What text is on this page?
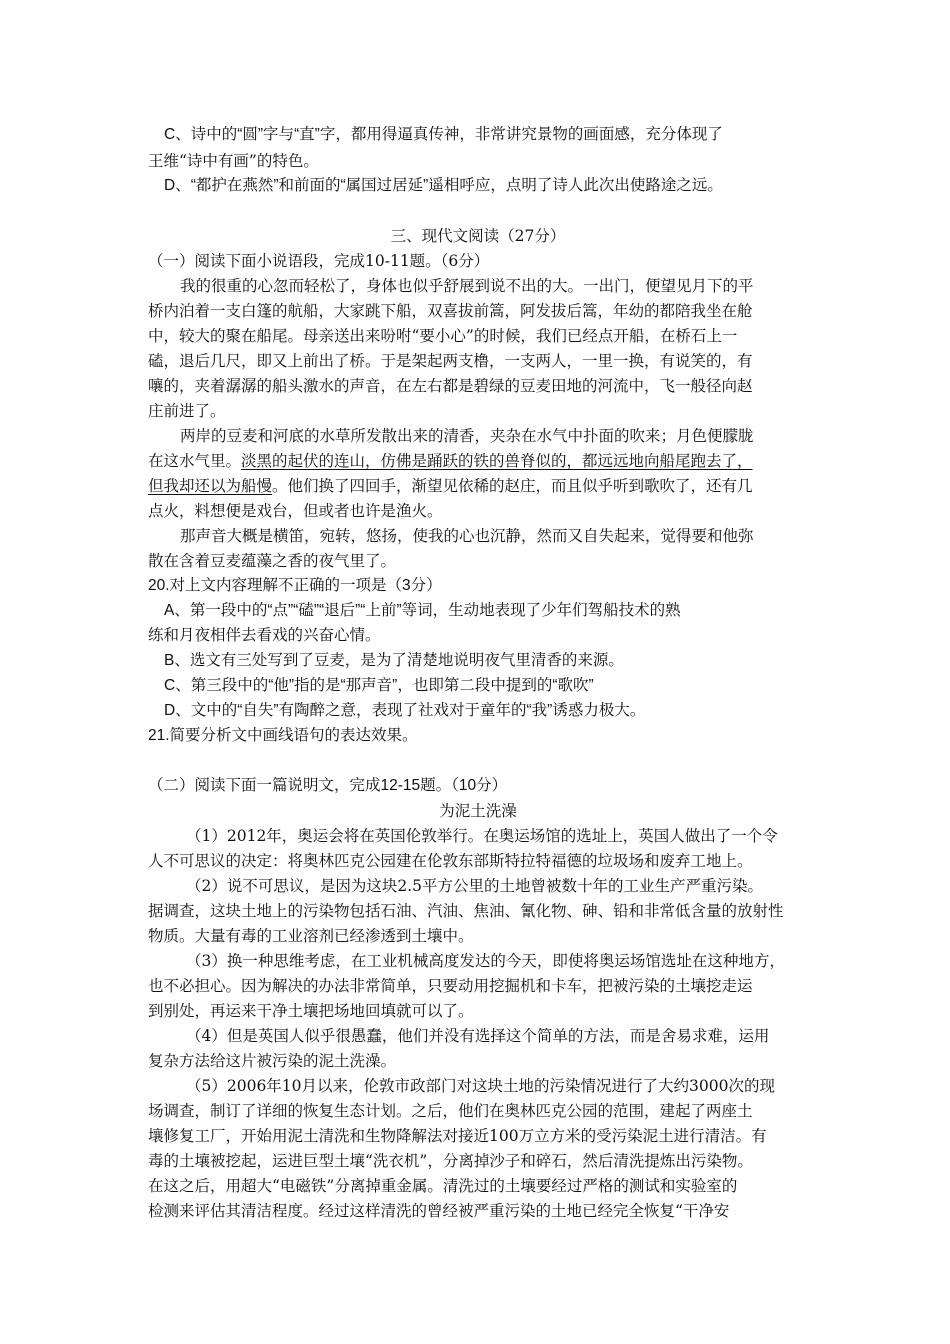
C、诗中的“圆”字与“直”字，都用得逼真传神，非常讲究景物的画面感，充分体现了
王维“诗中有画”的特色。
D、“都护在燕然”和前面的“属国过居延”遥相呼应，点明了诗人此次出使路途之远。
三、现代文阅读（27分）
（一）阅读下面小说语段，完成10-11题。（6分）
我的很重的心忽而轻松了，身体也似乎舒展到说不出的大。一出门，便望见月下的平
桥内泊着一支白篷的航船，大家跳下船，双喜拔前篙，阿发拔后篙，年幼的都陪我坐在舱
中，较大的聚在船尾。母亲送出来吩咐“要小心”的时候，我们已经点开船，在桥石上一
磕，退后几尺，即又上前出了桥。于是架起两支橹，一支两人，一里一换，有说笑的，有
嚷的，夹着潺潺的船头激水的声音，在左右都是碧绿的豆麦田地的河流中，飞一般径向赵
庄前进了。
两岸的豆麦和河底的水草所发散出来的清香，夹杂在水气中扑面的吹来；月色便朦胧
在这水气里。淡黑的起伏的连山，仿佛是踊跃的铁的兽脊似的，都远远地向船尾跑去了，
但我却还以为船慢。他们换了四回手，渐望见依稀的赵庄，而且似乎听到歌吹了，还有几
点火，料想便是戏台，但或者也许是渔火。
那声音大概是横笛，宛转，悠扬，使我的心也沉静，然而又自失起来，觉得要和他弥
散在含着豆麦蕴藻之香的夜气里了。
20.对上文内容理解不正确的一项是（3分）
A、第一段中的“点”“磕”“退后”“上前”等词，生动地表现了少年们驾船技术的熟
练和月夜相伴去看戏的兴奋心情。
B、选文有三处写到了豆麦，是为了清楚地说明夜气里清香的来源。
C、第三段中的“他”指的是“那声音”，也即第二段中提到的“歌吹”
D、文中的“自失”有陶醉之意，表现了社戏对于童年的“我”诱惑力极大。
21.简要分析文中画线语句的表达效果。
（二）阅读下面一篇说明文，完成12-15题。（10分）
为泥土洗澡
（1）2012年，奥运会将在英国伦敦举行。在奥运场馆的选址上，英国人做出了一个令
人不可思议的决定：将奥林匹克公园建在伦敦东部斯特拉特福德的垃圾场和废弃工地上。
（2）说不可思议，是因为这块2.5平方公里的土地曾被数十年的工业生产严重污染。
据调查，这块土地上的污染物包括石油、汽油、焦油、氰化物、砷、铅和非常低含量的放射性
物质。大量有毒的工业溶剂已经渗透到土壤中。
（3）换一种思维考虑，在工业机械高度发达的今天，即使将奥运场馆选址在这种地方，
也不必担心。因为解决的办法非常简单，只要动用挖掘机和卡车，把被污染的土壤挖走运
到别处，再运来干净土壤把场地回填就可以了。
（4）但是英国人似乎很愚蠢，他们并没有选择这个简单的方法，而是舍易求难，运用
复杂方法给这片被污染的泥土洗澡。
（5）2006年10月以来，伦敦市政部门对这块土地的污染情况进行了大约3000次的现
场调查，制订了详细的恢复生态计划。之后，他们在奥林匹克公园的范围，建起了两座土
壤修复工厂，开始用泥土清洗和生物降解法对接近100万立方米的受污染泥土进行清洁。有
毒的土壤被挖起，运进巨型土壤“洗衣机”，分离掉沙子和碎石，然后清洗提炼出污染物。
在这之后，用超大“电磁铁”分离掉重金属。清洗过的土壤要经过严格的测试和实验室的
检测来评估其清洁程度。经过这样清洗的曾经被严重污染的土地已经完全恢复“干净安
